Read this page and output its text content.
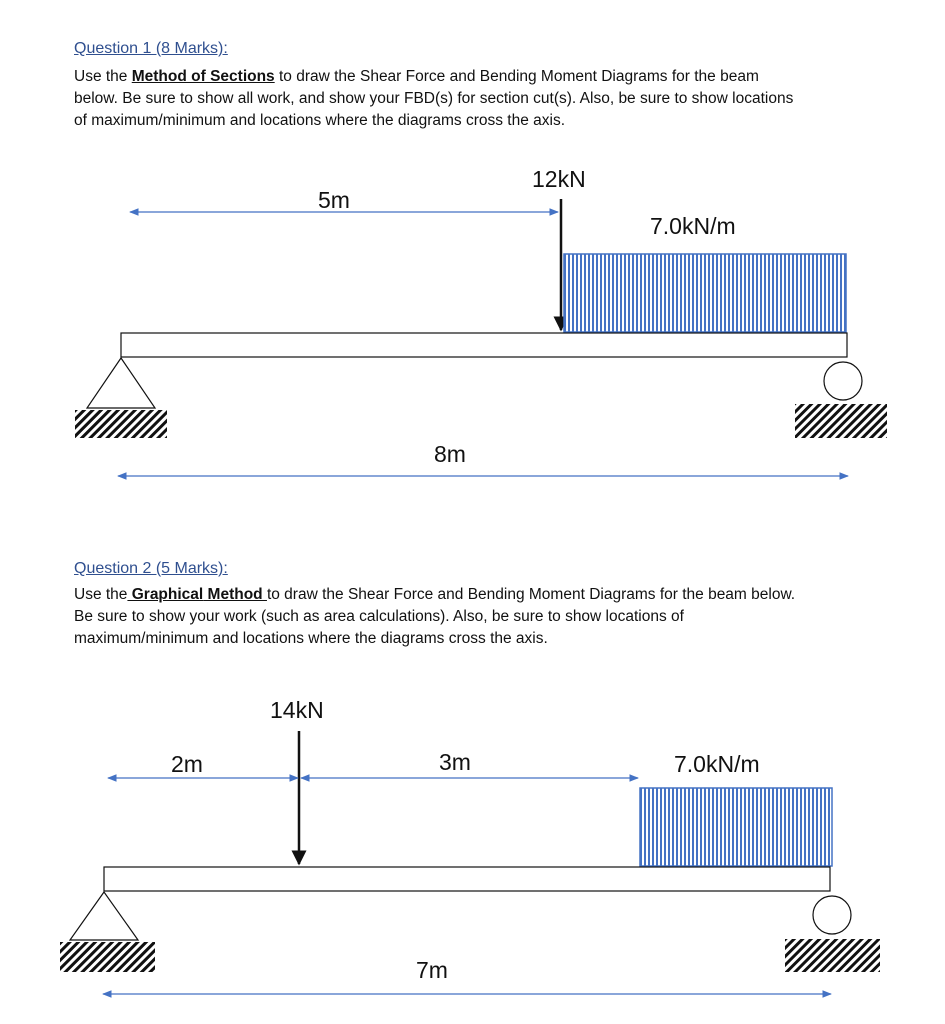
Question 1 (8 Marks):
Use the Method of Sections to draw the Shear Force and Bending Moment Diagrams for the beam
below. Be sure to show all work, and show your FBD(s) for section cut(s). Also, be sure to show locations
of maximum/minimum and locations where the diagrams cross the axis.
5m
12kN
7.0kN/m
8m
Question 2 (5 Marks):
Use the Graphical Method to draw the Shear Force and Bending Moment Diagrams for the beam below.
Be sure to show your work (such as area calculations). Also, be sure to show locations of
maximum/minimum and locations where the diagrams cross the axis.
14kN
2m	3m	7.0kN/m
7m
